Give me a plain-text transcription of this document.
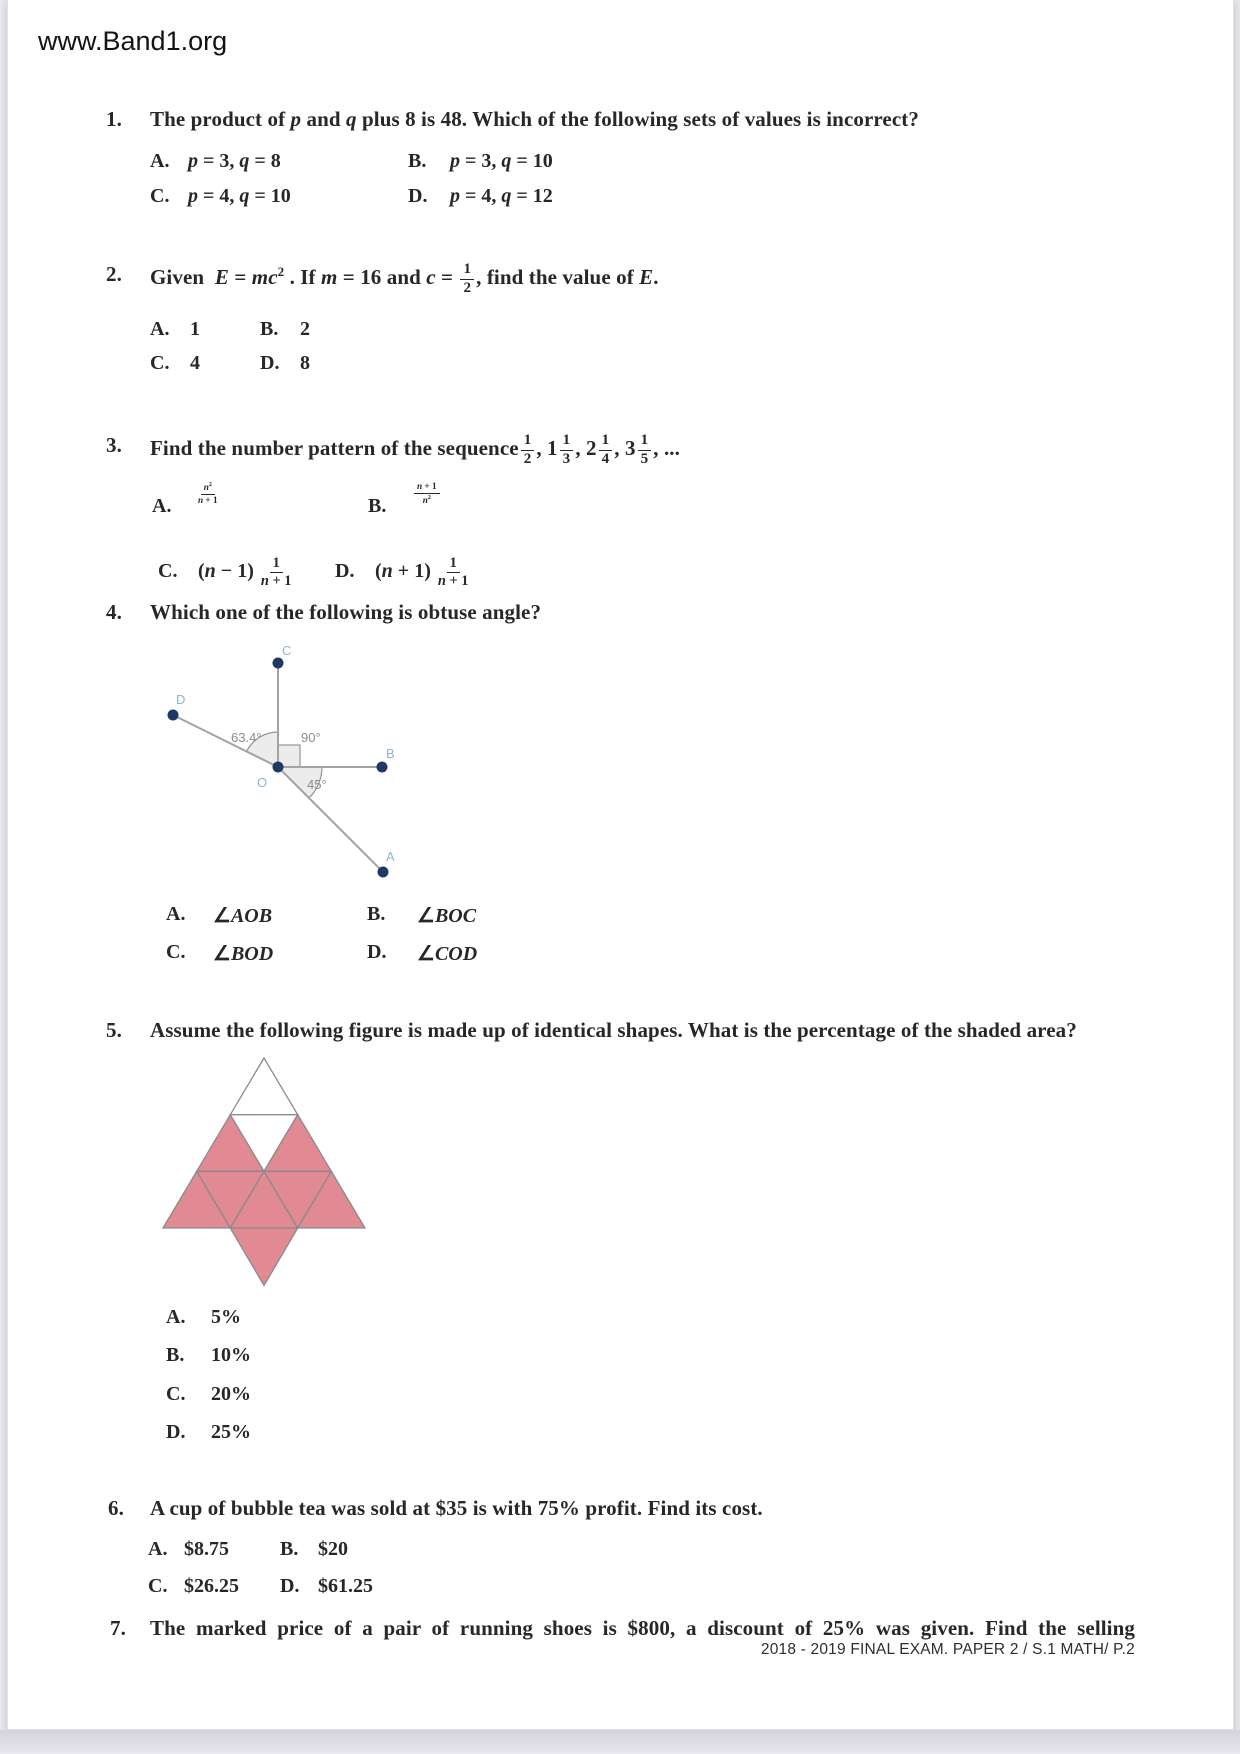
www.Band1.org
1. The product of p and q plus 8 is 48. Which of the following sets of values is incorrect?
A. p = 3, q = 8	B. p = 3, q = 10
C. p = 4, q = 10	D. p = 4, q = 12
2. Given  $E = mc^2$ . If m = 16 and $c = \frac{1}{2}$ , find the value of E.
A. 1	B. 2
C. 4	D. 8
3. Find the number pattern of the sequence $\frac{1}{2}$ , $1 \frac{1}{3}$ , $2 \frac{1}{4}$ , $3 \frac{1}{5}$ , ...
A.
$\frac{n^2}{n + 1}$
B.
$\frac{n + 1}{n^2}$
C. $(n - 1) \frac{1}{n + 1} D$. $(n + 1) \frac{1}{n + 1}$
4. Which one of the following is obtuse angle?
C
D
B
A
O
63.4°	90°
45°
A. ∠AOB	B. ∠BOC
C. ∠BOD	D. ∠COD
5. Assume the following figure is made up of identical shapes. What is the percentage of the shaded area?
A. 5%
B. 10%
C. 20%
D. 25%
6. A cup of bubble tea was sold at $35 is with 75% profit. Find its cost.
A. $8.75	B. $20
C. $26.25 D. $61.25
7. The marked price of a pair of running shoes is $800, a discount of 25% was given. Find the selling
2018 - 2019 FINAL EXAM. PAPER 2 / S.1 MATH/ P.2
